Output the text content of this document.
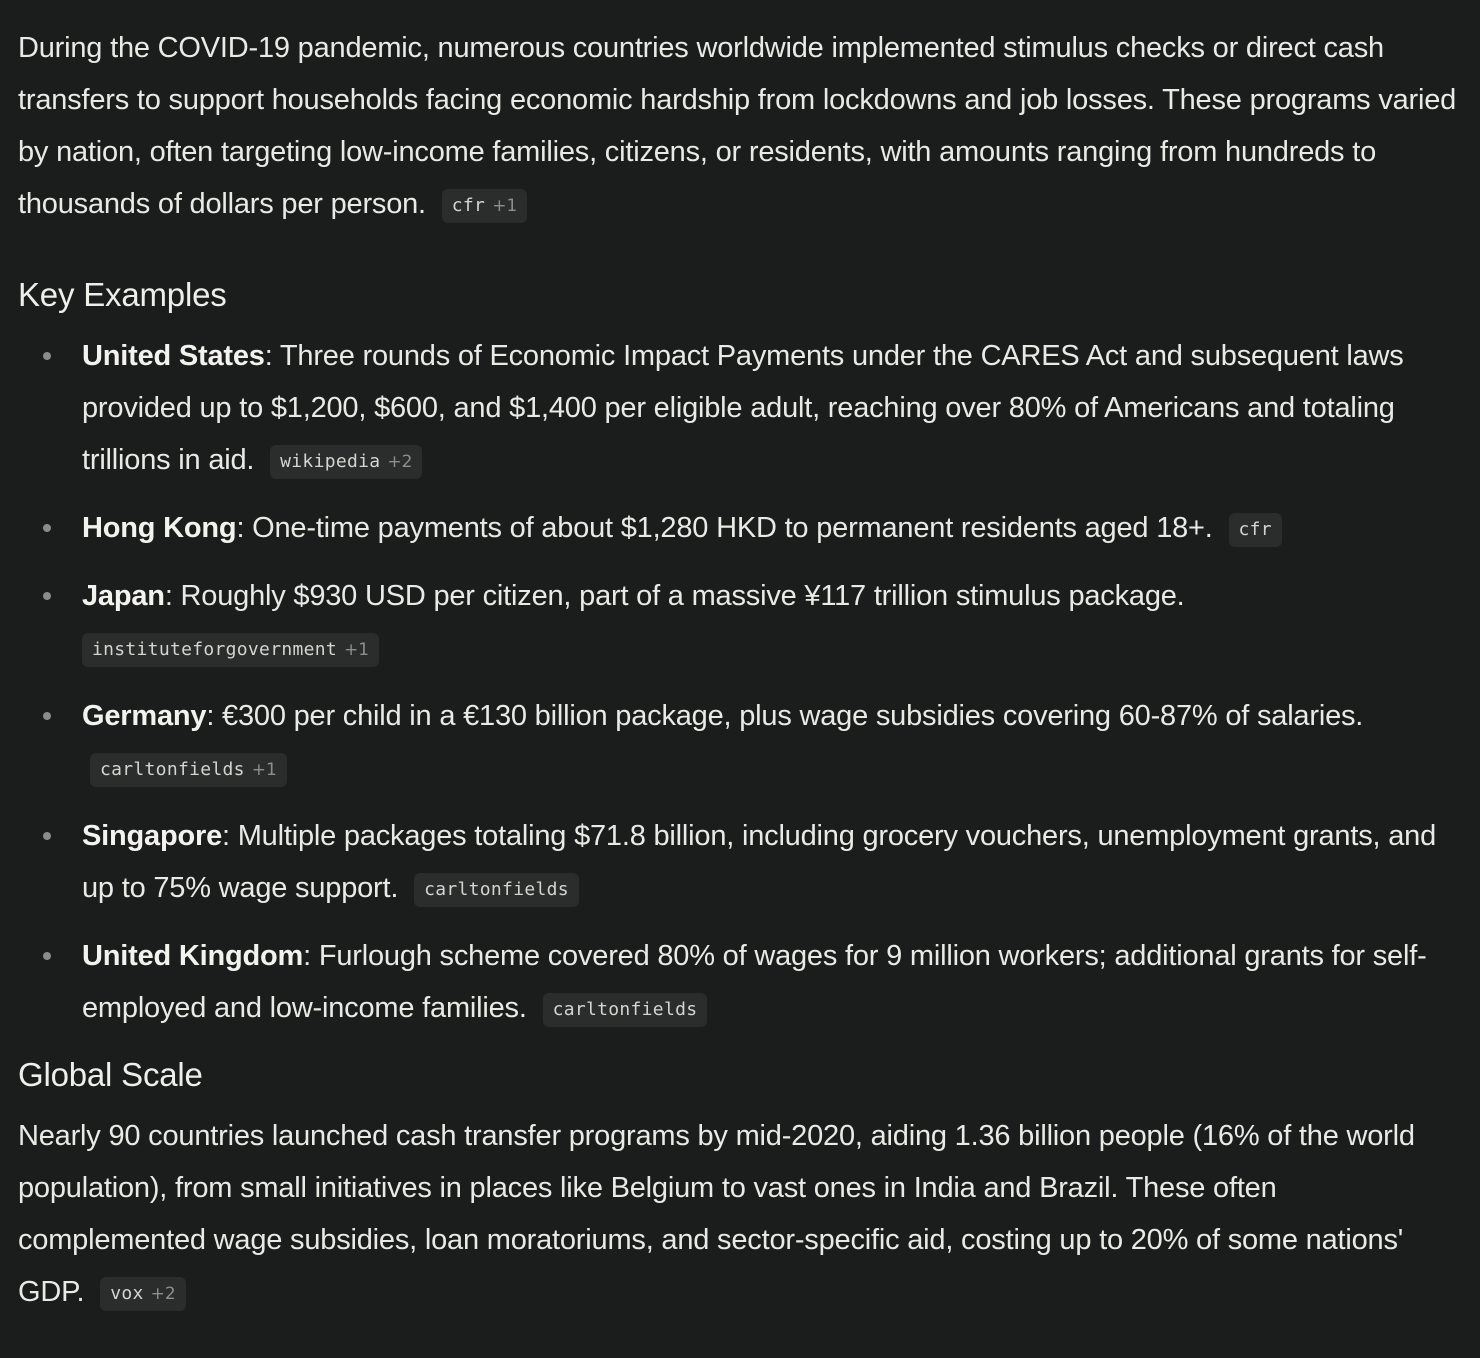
During the COVID-19 pandemic, numerous countries worldwide implemented stimulus checks or direct cash transfers to support households facing economic hardship from lockdowns and job losses. These programs varied by nation, often targeting low-income families, citizens, or residents, with amounts ranging from hundreds to thousands of dollars per person. cfr +1

Key Examples
United States: Three rounds of Economic Impact Payments under the CARES Act and subsequent laws provided up to $1,200, $600, and $1,400 per eligible adult, reaching over 80% of Americans and totaling trillions in aid. wikipedia +2
Hong Kong: One-time payments of about $1,280 HKD to permanent residents aged 18+. cfr
Japan: Roughly $930 USD per citizen, part of a massive ¥117 trillion stimulus package.
instituteforgovernment +1
Germany: €300 per child in a €130 billion package, plus wage subsidies covering 60-87% of salaries. carltonfields +1
Singapore: Multiple packages totaling $71.8 billion, including grocery vouchers, unemployment grants, and up to 75% wage support. carltonfields
United Kingdom: Furlough scheme covered 80% of wages for 9 million workers; additional grants for self-employed and low-income families. carltonfields
Global Scale

Nearly 90 countries launched cash transfer programs by mid-2020, aiding 1.36 billion people (16% of the world population), from small initiatives in places like Belgium to vast ones in India and Brazil. These often complemented wage subsidies, loan moratoriums, and sector-specific aid, costing up to 20% of some nations' GDP. vox +2
